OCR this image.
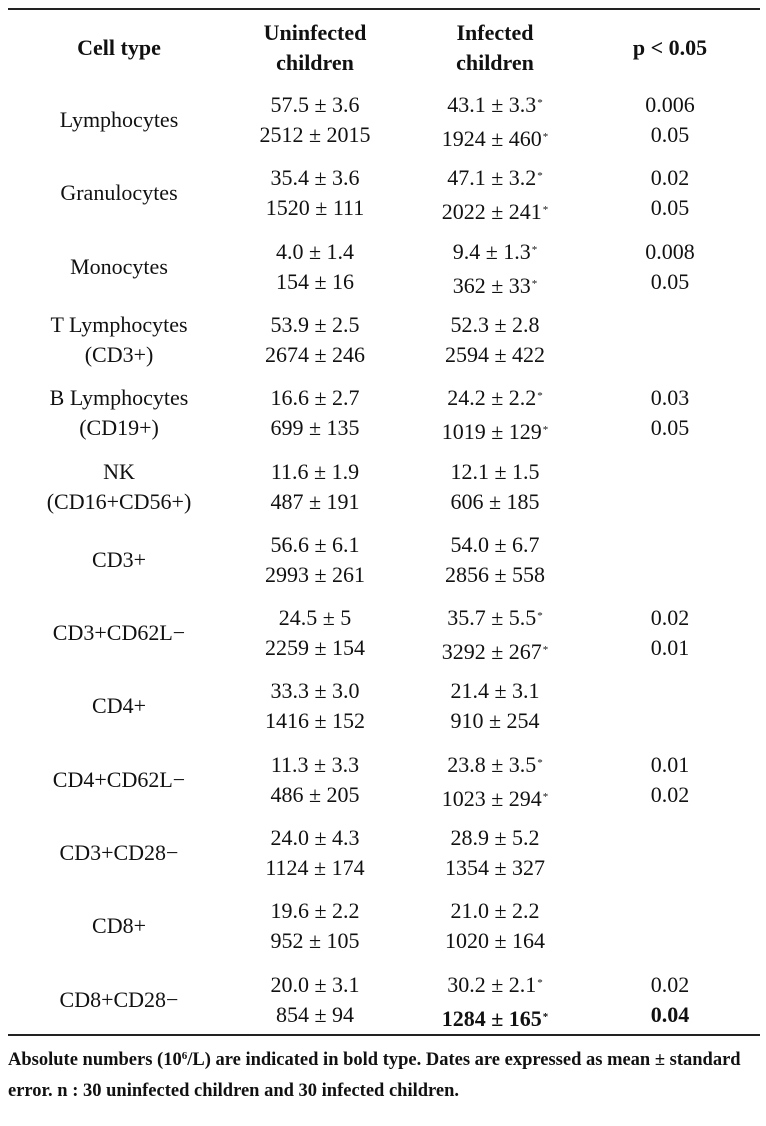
Cell type
Uninfected
children
Infected
children
p < 0.05
Lymphocytes
57.5 ± 3.6
2512 ± 2015
43.1 ± 3.3*
1924 ± 460*
0.006
0.05
Granulocytes
35.4 ± 3.6
1520 ± 111
47.1 ± 3.2*
2022 ± 241*
0.02
0.05
Monocytes
4.0 ± 1.4
154 ± 16
9.4 ± 1.3*
362 ± 33*
0.008
0.05
T Lymphocytes
(CD3+)
53.9 ± 2.5
2674 ± 246
52.3 ± 2.8
2594 ± 422
B Lymphocytes
(CD19+)
16.6 ± 2.7
699 ± 135
24.2 ± 2.2*
1019 ± 129*
0.03
0.05
NK
(CD16+CD56+)
11.6 ± 1.9
487 ± 191
12.1 ± 1.5
606 ± 185
CD3+
56.6 ± 6.1
2993 ± 261
54.0 ± 6.7
2856 ± 558
CD3+CD62L−
24.5 ± 5
2259 ± 154
35.7 ± 5.5*
3292 ± 267*
0.02
0.01
CD4+
33.3 ± 3.0
1416 ± 152
21.4 ± 3.1
910 ± 254
CD4+CD62L−
11.3 ± 3.3
486 ± 205
23.8 ± 3.5*
1023 ± 294*
0.01
0.02
CD3+CD28−
24.0 ± 4.3
1124 ± 174
28.9 ± 5.2
1354 ± 327
CD8+
19.6 ± 2.2
952 ± 105
21.0 ± 2.2
1020 ± 164
CD8+CD28−
20.0 ± 3.1
854 ± 94
30.2 ± 2.1*
1284 ± 165*
0.02
0.04
Absolute numbers $(10^6/L)$ are indicated in bold type. Dates are expressed as mean ± standard error. n : 30 uninfected children and 30 infected children.
